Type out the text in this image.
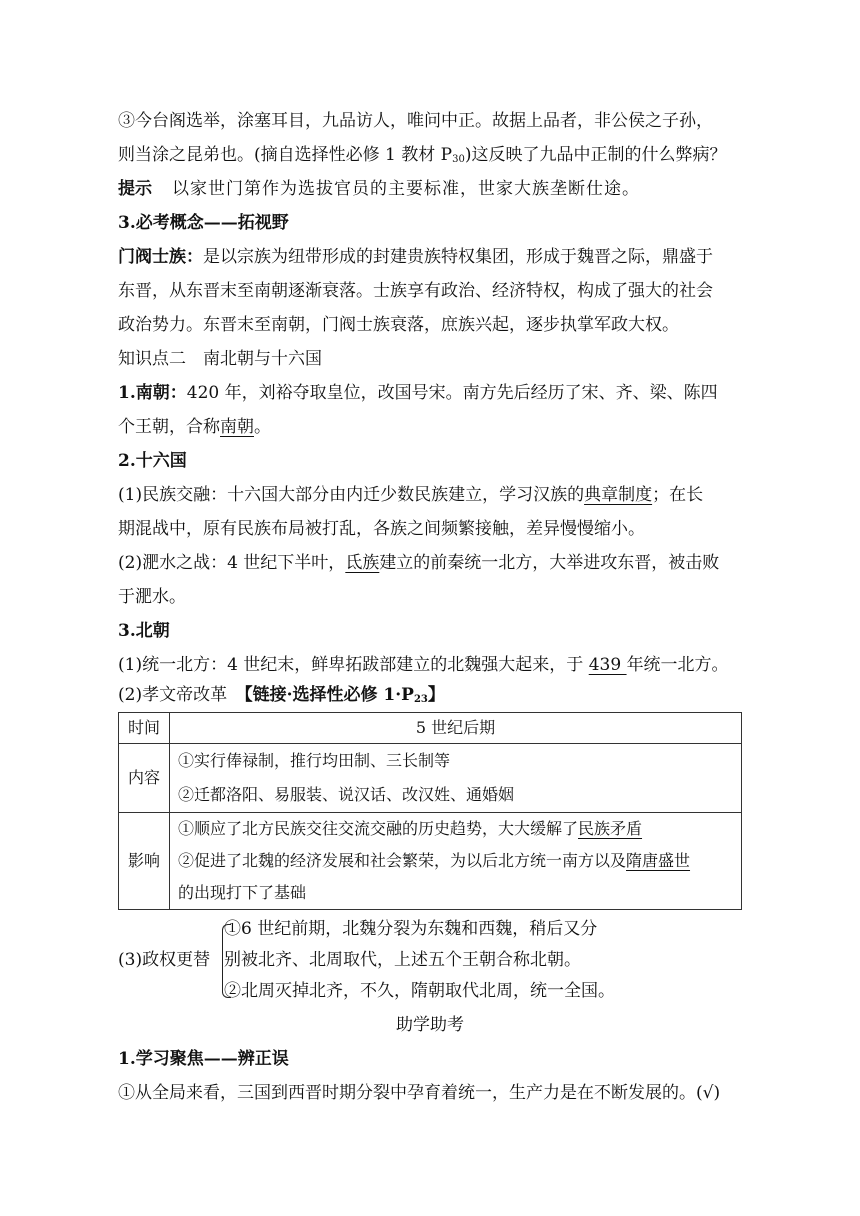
③今台阁选举，涂塞耳目，九品访人，唯问中正。故据上品者，非公侯之子孙，
则当涂之昆弟也。(摘自选择性必修 1 教材 $P_{30}$)这反映了九品中正制的什么弊病？
提示 以家世门第作为选拔官员的主要标准，世家大族垄断仕途。
3.必考概念——拓视野
门阀士族：是以宗族为纽带形成的封建贵族特权集团，形成于魏晋之际，鼎盛于
东晋，从东晋末至南朝逐渐衰落。士族享有政治、经济特权，构成了强大的社会
政治势力。东晋末至南朝，门阀士族衰落，庶族兴起，逐步执掌军政大权。
知识点二　南北朝与十六国
1.南朝：420 年，刘裕夺取皇位，改国号宋。南方先后经历了宋、齐、梁、陈四
个王朝，合称南朝。
2.十六国
(1)民族交融：十六国大部分由内迁少数民族建立，学习汉族的典章制度；在长
期混战中，原有民族布局被打乱，各族之间频繁接触，差异慢慢缩小。
(2)淝水之战：4 世纪下半叶，氐族建立的前秦统一北方，大举进攻东晋，被击败
于淝水。
3.北朝
(1)统一北方：4 世纪末，鲜卑拓跋部建立的北魏强大起来，于 439 年统一北方。
(2)孝文帝改革　【链接·选择性必修 $1\cdot P_{23}$】
时间	5 世纪后期
内容	①实行俸禄制，推行均田制、三长制等
②迁都洛阳、易服装、说汉话、改汉姓、通婚姻

影响	①顺应了北方民族交往交流交融的历史趋势，大大缓解了民族矛盾
②促进了北魏的经济发展和社会繁荣，为以后北方统一南方以及隋唐盛世
的出现打下了基础
(3)政权更替
①6 世纪前期，北魏分裂为东魏和西魏，稍后又分
别被北齐、北周取代，上述五个王朝合称北朝。
②北周灭掉北齐，不久，隋朝取代北周，统一全国。
助学助考
1.学习聚焦——辨正误
①从全局来看，三国到西晋时期分裂中孕育着统一，生产力是在不断发展的。(√)
